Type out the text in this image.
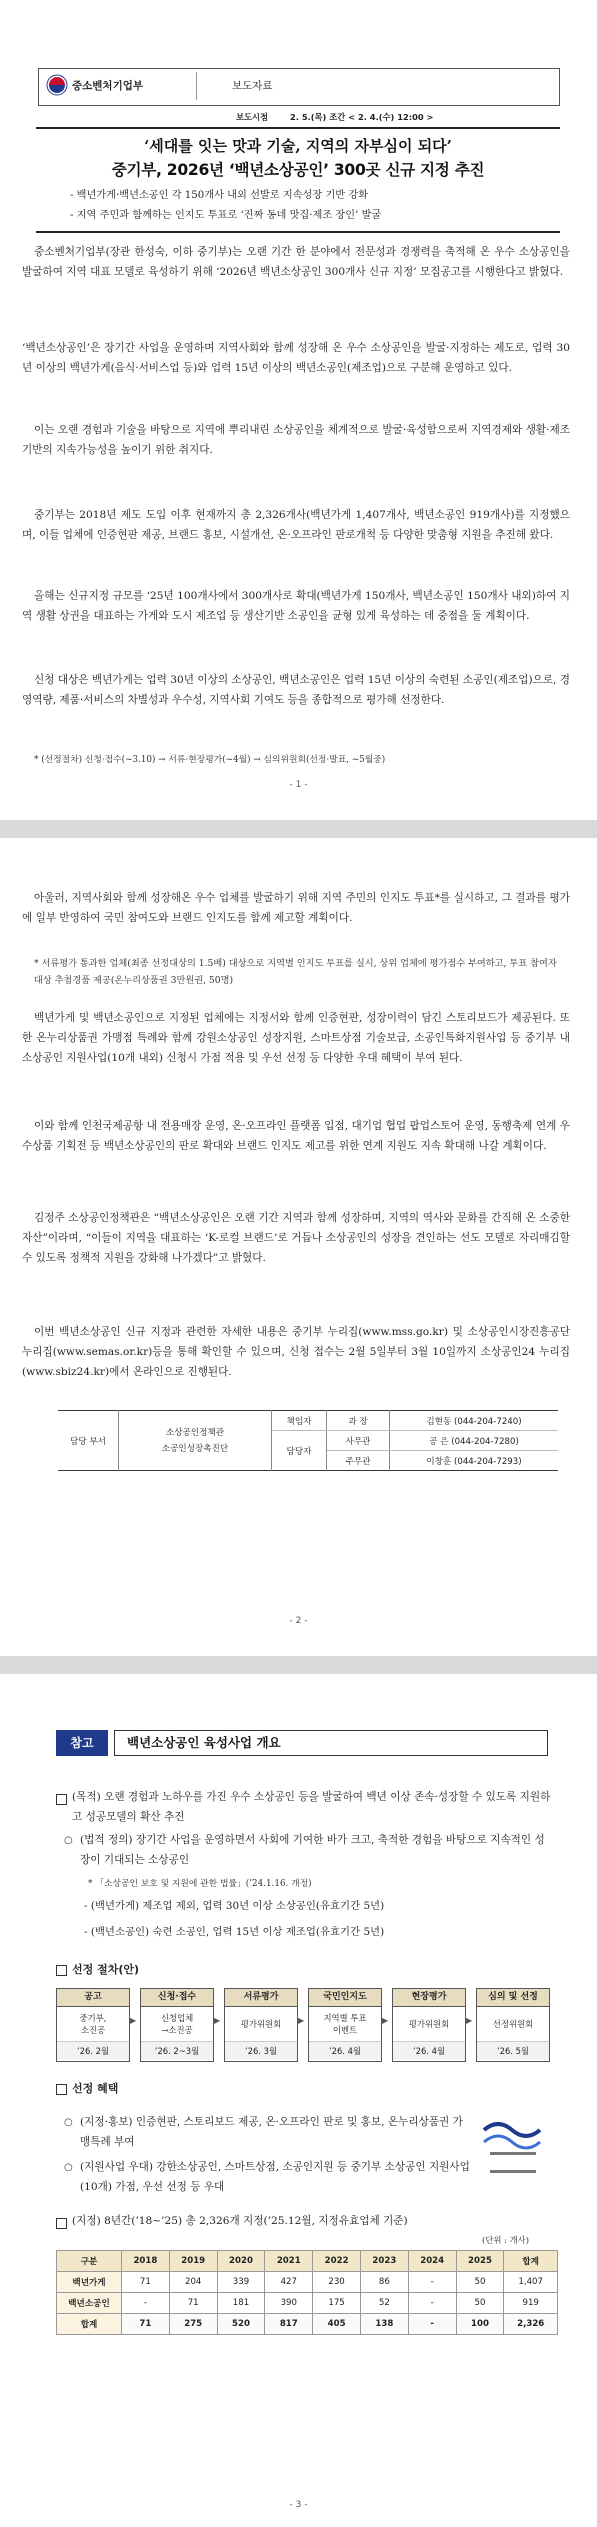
중소벤처기업부	보도자료
보도시점	2. 5.(목) 조간 < 2. 4.(수) 12:00 >
‘세대를 잇는 맛과 기술, 지역의 자부심이 되다’
중기부, 2026년 ‘백년소상공인’ 300곳 신규 지정 추진
- 백년가게·백년소공인 각 150개사 내외 선발로 지속성장 기반 강화
- 지역 주민과 함께하는 인지도 투표로 ‘진짜 동네 맛집·제조 장인’ 발굴
중소벤처기업부(장관 한성숙, 이하 중기부)는 오랜 기간 한 분야에서 전문성과 경쟁력을 축적해 온 우수 소상공인을 발굴하여 지역 대표 모델로 육성하기 위해 ‘2026년 백년소상공인 300개사 신규 지정’ 모집공고를 시행한다고 밝혔다.
‘백년소상공인’은 장기간 사업을 운영하며 지역사회와 함께 성장해 온 우수 소상공인을 발굴·지정하는 제도로, 업력 30년 이상의 백년가게(음식·서비스업 등)와 업력 15년 이상의 백년소공인(제조업)으로 구분해 운영하고 있다.
이는 오랜 경험과 기술을 바탕으로 지역에 뿌리내린 소상공인을 체계적으로 발굴·육성함으로써 지역경제와 생활·제조 기반의 지속가능성을 높이기 위한 취지다.
중기부는 2018년 제도 도입 이후 현재까지 총 2,326개사(백년가게 1,407개사, 백년소공인 919개사)를 지정했으며, 이들 업체에 인증현판 제공, 브랜드 홍보, 시설개선, 온·오프라인 판로개척 등 다양한 맞춤형 지원을 추진해 왔다.
올해는 신규지정 규모를 ‘25년 100개사에서 300개사로 확대(백년가게 150개사, 백년소공인 150개사 내외)하여 지역 생활 상권을 대표하는 가게와 도시 제조업 등 생산기반 소공인을 균형 있게 육성하는 데 중점을 둘 계획이다.
신청 대상은 백년가게는 업력 30년 이상의 소상공인, 백년소공인은 업력 15년 이상의 숙련된 소공인(제조업)으로, 경영역량, 제품·서비스의 차별성과 우수성, 지역사회 기여도 등을 종합적으로 평가해 선정한다.
* (선정절차) 신청·접수(~3.10) → 서류·현장평가(~4월) → 심의위원회(선정·발표, ~5월중)
- 1 -
아울러, 지역사회와 함께 성장해온 우수 업체를 발굴하기 위해 지역 주민의 인지도 투표*를 실시하고, 그 결과를 평가에 일부 반영하여 국민 참여도와 브랜드 인지도를 함께 제고할 계획이다.
* 서류평가 통과한 업체(최종 선정대상의 1.5배) 대상으로 지역별 인지도 투표를 실시, 상위 업체에 평가점수 부여하고, 투표 참여자 대상 추첨경품 제공(온누리상품권 3만원권, 50명)
백년가게 및 백년소공인으로 지정된 업체에는 지정서와 함께 인증현판, 성장이력이 담긴 스토리보드가 제공된다. 또한 온누리상품권 가맹점 특례와 함께 강원소상공인 성장지원, 스마트상점 기술보급, 소공인특화지원사업 등 중기부 내 소상공인 지원사업(10개 내외) 신청시 가점 적용 및 우선 선정 등 다양한 우대 혜택이 부여 된다.
이와 함께 인천국제공항 내 전용매장 운영, 온·오프라인 플랫폼 입점, 대기업 협업 팝업스토어 운영, 동행축제 연계 우수상품 기획전 등 백년소상공인의 판로 확대와 브랜드 인지도 제고를 위한 연계 지원도 지속 확대해 나갈 계획이다.
김정주 소상공인정책관은 “백년소상공인은 오랜 기간 지역과 함께 성장하며, 지역의 역사와 문화를 간직해 온 소중한 자산”이라며, “이들이 지역을 대표하는 ‘K-로컬 브랜드’로 거듭나 소상공인의 성장을 견인하는 선도 모델로 자리매김할 수 있도록 정책적 지원을 강화해 나가겠다”고 밝혔다.
이번 백년소상공인 신규 지정과 관련한 자세한 내용은 중기부 누리집(www.mss.go.kr) 및 소상공인시장진흥공단 누리집(www.semas.or.kr)등을 통해 확인할 수 있으며, 신청 접수는 2월 5일부터 3월 10일까지 소상공인24 누리집(www.sbiz24.kr)에서 온라인으로 진행된다.
담당 부서	소상공인정책관
소공인성장촉진단	책임자	과 장	김현동 (044-204-7240)
		담당자	사무관	공 은 (044-204-7280)
			주무관	이창훈 (044-204-7293)
- 2 -
참고	백년소상공인 육성사업 개요
(목적) 오랜 경험과 노하우를 가진 우수 소상공인 등을 발굴하여 백년 이상 존속·성장할 수 있도록 지원하고 성공모델의 확산 추진
○ (법적 정의) 장기간 사업을 운영하면서 사회에 기여한 바가 크고, 축적한 경험을 바탕으로 지속적인 성장이 기대되는 소상공인
* 「소상공인 보호 및 지원에 관한 법률」(’24.1.16. 개정)
- (백년가게) 제조업 제외, 업력 30년 이상 소상공인(유효기간 5년)
- (백년소공인) 숙련 소공인, 업력 15년 이상 제조업(유효기간 5년)
선정 절차(안)
공고
중기부,
소진공
’26. 2월
▶
신청·접수
신청업체
→소진공
’26. 2~3월
▶
서류평가
평가위원회
’26. 3월
▶
국민인지도
지역별 투표
이벤트
’26. 4월
▶
현장평가
평가위원회
’26. 4월
▶
심의 및 선정
선정위원회
’26. 5월
선정 혜택
○ (지정·홍보) 인증현판, 스토리보드 제공, 온·오프라인 판로 및 홍보, 온누리상품권 가맹특례 부여
○ (지원사업 우대) 강한소상공인, 스마트상점, 소공인지원 등 중기부 소상공인 지원사업(10개) 가점, 우선 선정 등 우대
(지정) 8년간(’18~’25) 총 2,326개 지정(’25.12월, 지정유효업체 기준)
(단위 : 개사)
구분	2018	2019	2020	2021	2022	2023	2024	2025	합계
백년가게	71	204	339	427	230	86	-	50	1,407
백년소공인	-	71	181	390	175	52	-	50	919
합계	71	275	520	817	405	138	-	100	2,326
- 3 -
